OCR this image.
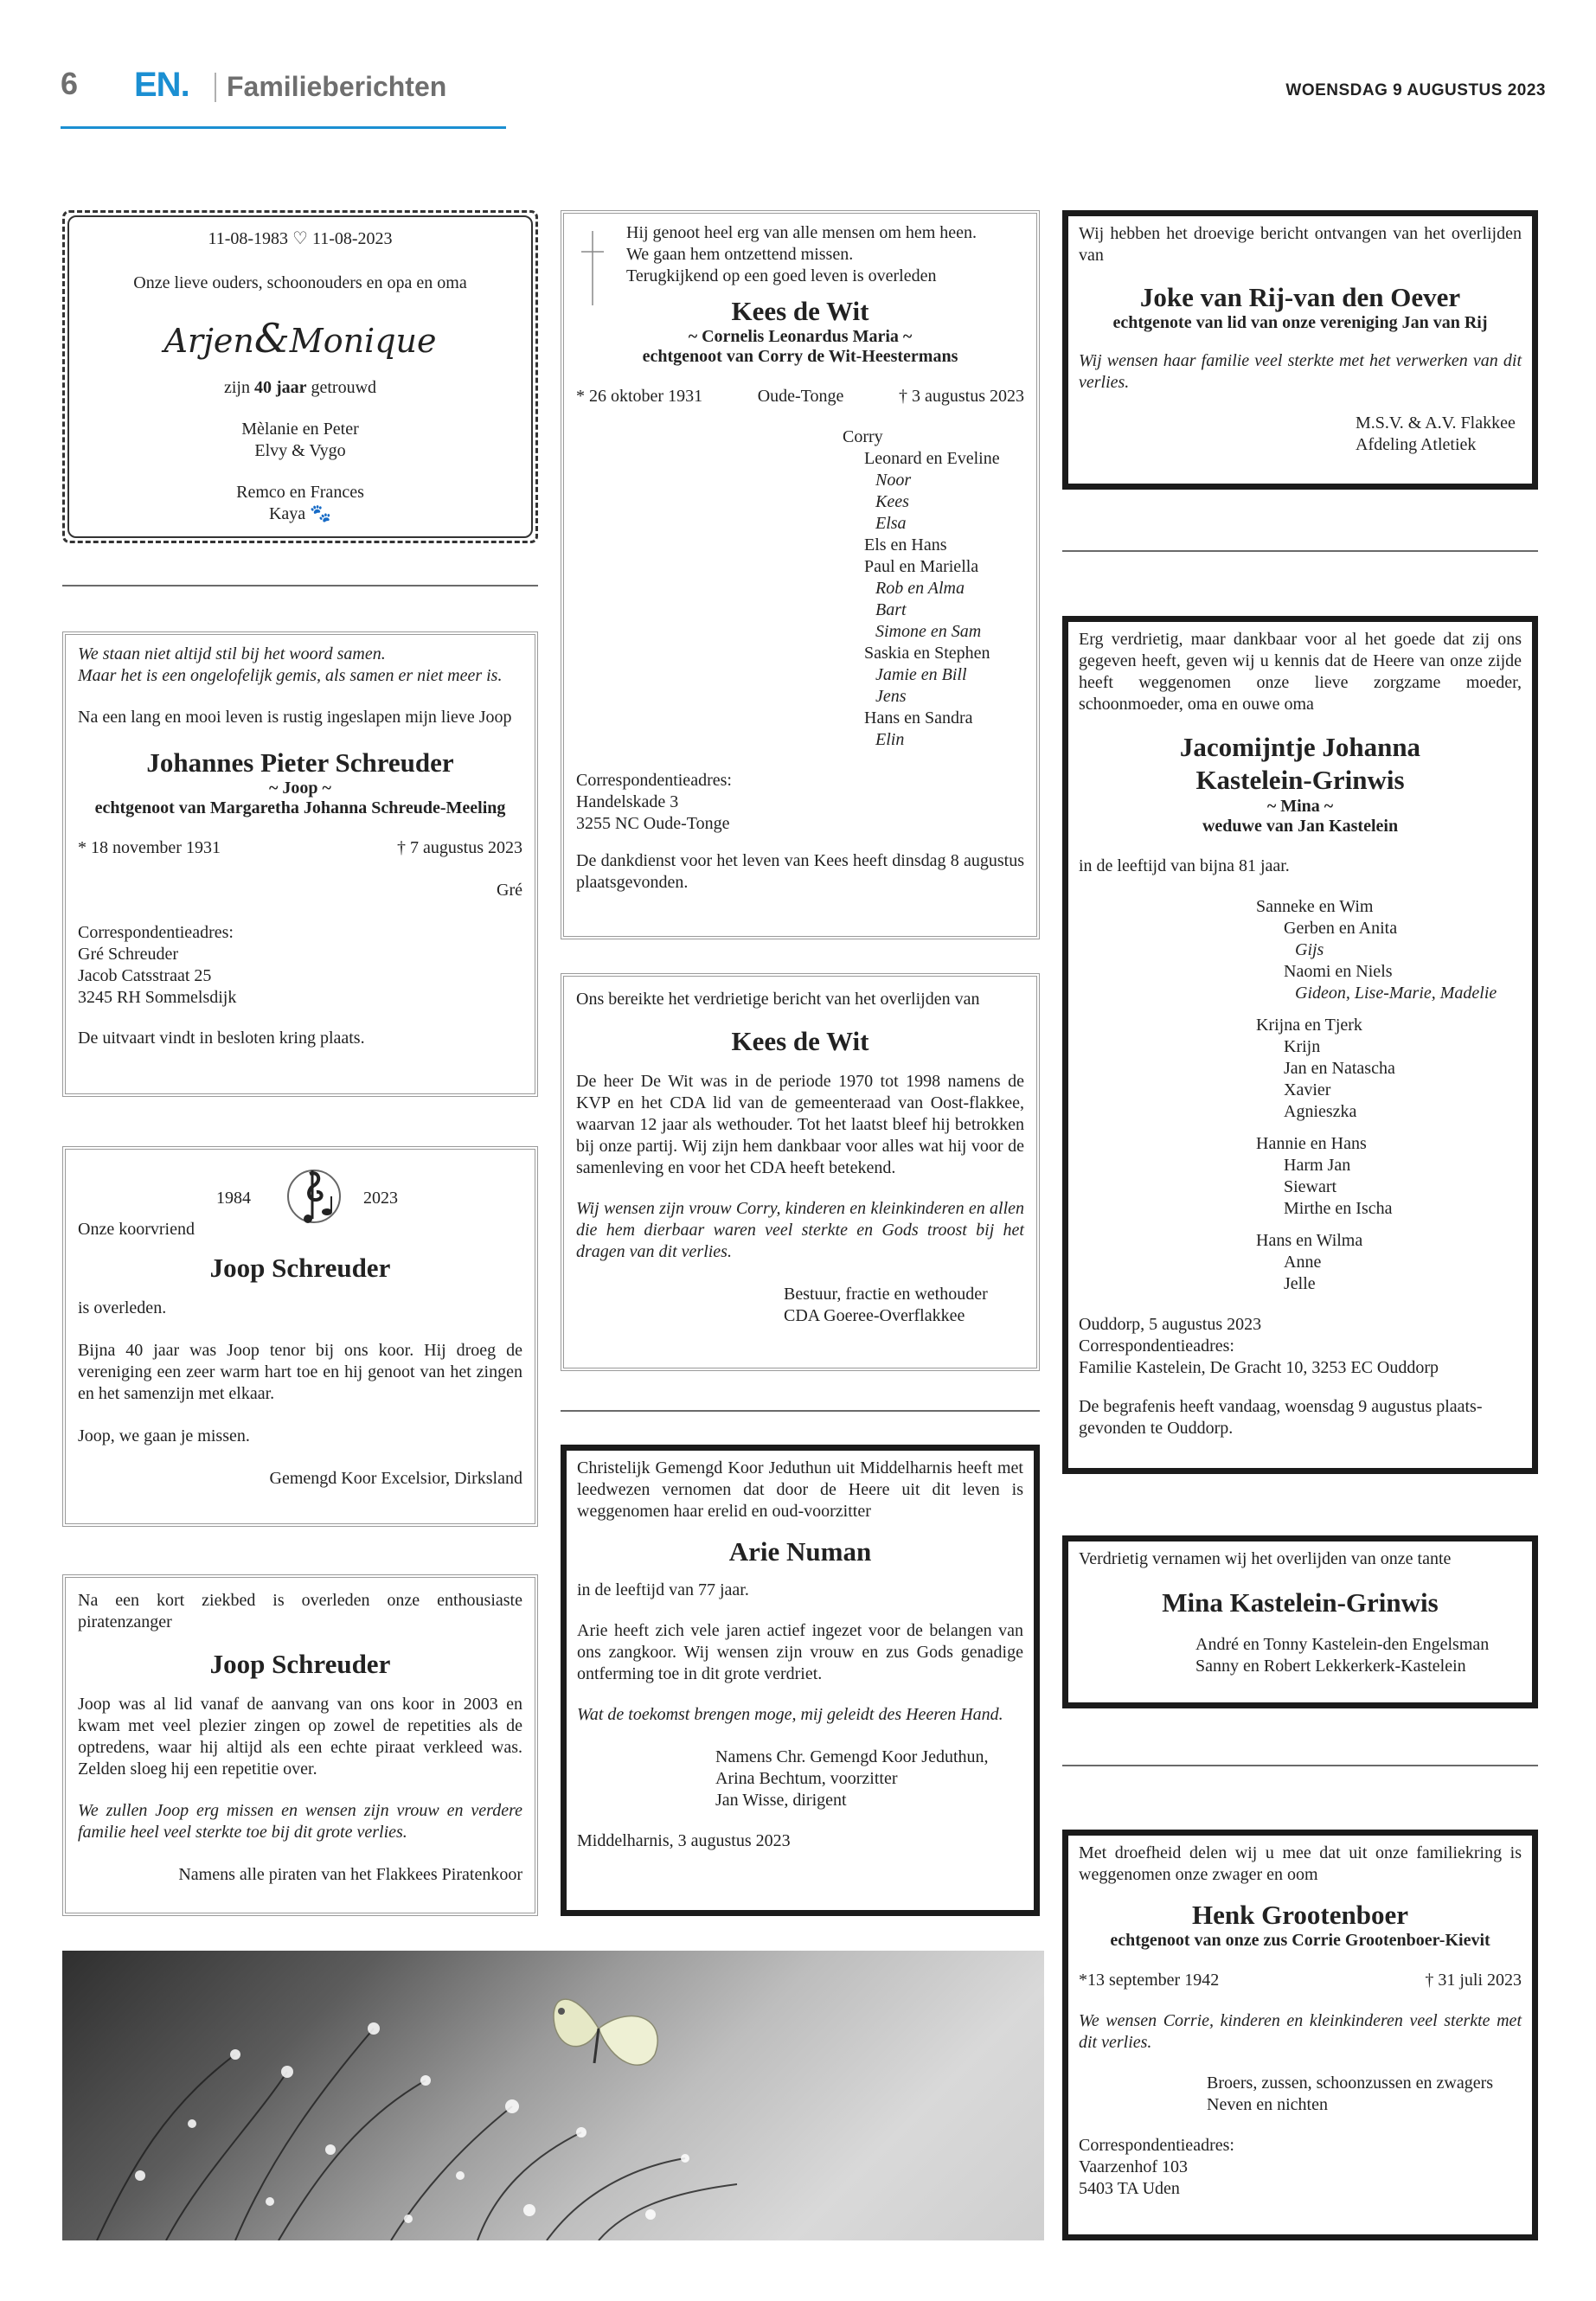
6 EN. Familieberichten	WOENSDAG 9 AUGUSTUS 2023
11-08-1983 ♡ 11-08-2023
Onze lieve ouders, schoonouders en opa en oma
Arjen&Monique
zijn 40 jaar getrouwd
Mèlanie en Peter
Elvy & Vygo
Remco en Frances
Kaya 🐾
We staan niet altijd stil bij het woord samen.
Maar het is een ongelofelijk gemis, als samen er niet meer is.
Na een lang en mooi leven is rustig ingeslapen mijn lieve Joop
Johannes Pieter Schreuder
~ Joop ~
echtgenoot van Margaretha Johanna Schreude-Meeling
* 18 november 1931	† 7 augustus 2023
Gré
Correspondentieadres:
Gré Schreuder
Jacob Catsstraat 25
3245 RH Sommelsdijk
De uitvaart vindt in besloten kring plaats.
1984	2023
Onze koorvriend
Joop Schreuder
is overleden.
Bijna 40 jaar was Joop tenor bij ons koor. Hij droeg de vereniging een zeer warm hart toe en hij genoot van het zingen en het samenzijn met elkaar.
Joop, we gaan je missen.
Gemengd Koor Excelsior, Dirksland
Na een kort ziekbed is overleden onze enthousiaste piratenzanger
Joop Schreuder
Joop was al lid vanaf de aanvang van ons koor in 2003 en kwam met veel plezier zingen op zowel de repetities als de optredens, waar hij altijd als een echte piraat verkleed was. Zelden sloeg hij een repetitie over.
We zullen Joop erg missen en wensen zijn vrouw en verdere familie heel veel sterkte toe bij dit grote verlies.
Namens alle piraten van het Flakkees Piratenkoor
Hij genoot heel erg van alle mensen om hem heen.
We gaan hem ontzettend missen.
Terugkijkend op een goed leven is overleden
Kees de Wit
~ Cornelis Leonardus Maria ~
echtgenoot van Corry de Wit-Heestermans
* 26 oktober 1931	Oude-Tonge	† 3 augustus 2023
Corry
Leonard en Eveline
Noor
Kees
Elsa
Els en Hans
Paul en Mariella
Rob en Alma
Bart
Simone en Sam
Saskia en Stephen
Jamie en Bill
Jens
Hans en Sandra
Elin
Correspondentieadres:
Handelskade 3
3255 NC Oude-Tonge
De dankdienst voor het leven van Kees heeft dinsdag 8 augustus plaatsgevonden.
Ons bereikte het verdrietige bericht van het overlijden van
Kees de Wit
De heer De Wit was in de periode 1970 tot 1998 namens de KVP en het CDA lid van de gemeenteraad van Oost-flakkee, waarvan 12 jaar als wethouder. Tot het laatst bleef hij betrokken bij onze partij. Wij zijn hem dankbaar voor alles wat hij voor de samenleving en voor het CDA heeft betekend.
Wij wensen zijn vrouw Corry, kinderen en kleinkinderen en allen die hem dierbaar waren veel sterkte en Gods troost bij het dragen van dit verlies.
Bestuur, fractie en wethouder
CDA Goeree-Overflakkee
Christelijk Gemengd Koor Jeduthun uit Middelharnis heeft met leedwezen vernomen dat door de Heere uit dit leven is weggenomen haar erelid en oud-voorzitter
Arie Numan
in de leeftijd van 77 jaar.
Arie heeft zich vele jaren actief ingezet voor de belangen van ons zangkoor. Wij wensen zijn vrouw en zus Gods genadige ontferming toe in dit grote verdriet.
Wat de toekomst brengen moge, mij geleidt des Heeren Hand.
Namens Chr. Gemengd Koor Jeduthun,
Arina Bechtum, voorzitter
Jan Wisse, dirigent
Middelharnis, 3 augustus 2023
Wij hebben het droevige bericht ontvangen van het overlijden van
Joke van Rij-van den Oever
echtgenote van lid van onze vereniging Jan van Rij
Wij wensen haar familie veel sterkte met het verwerken van dit verlies.
M.S.V. & A.V. Flakkee
Afdeling Atletiek
Erg verdrietig, maar dankbaar voor al het goede dat zij ons gegeven heeft, geven wij u kennis dat de Heere van onze zijde heeft weggenomen onze lieve zorgzame moeder, schoonmoeder, oma en ouwe oma
Jacomijntje Johanna
Kastelein-Grinwis
~ Mina ~
weduwe van Jan Kastelein
in de leeftijd van bijna 81 jaar.
Sanneke en Wim
Gerben en Anita
Gijs
Naomi en Niels
Gideon, Lise-Marie, Madelie
Krijna en Tjerk
Krijn
Jan en Natascha
Xavier
Agnieszka
Hannie en Hans
Harm Jan
Siewart
Mirthe en Ischa
Hans en Wilma
Anne
Jelle
Ouddorp, 5 augustus 2023
Correspondentieadres:
Familie Kastelein, De Gracht 10, 3253 EC Ouddorp
De begrafenis heeft vandaag, woensdag 9 augustus plaats-gevonden te Ouddorp.
Verdrietig vernamen wij het overlijden van onze tante
Mina Kastelein-Grinwis
André en Tonny Kastelein-den Engelsman
Sanny en Robert Lekkerkerk-Kastelein
Met droefheid delen wij u mee dat uit onze familiekring is weggenomen onze zwager en oom
Henk Grootenboer
echtgenoot van onze zus Corrie Grootenboer-Kievit
*13 september 1942	† 31 juli 2023
We wensen Corrie, kinderen en kleinkinderen veel sterkte met dit verlies.
Broers, zussen, schoonzussen en zwagers
Neven en nichten
Correspondentieadres:
Vaarzenhof 103
5403 TA Uden
